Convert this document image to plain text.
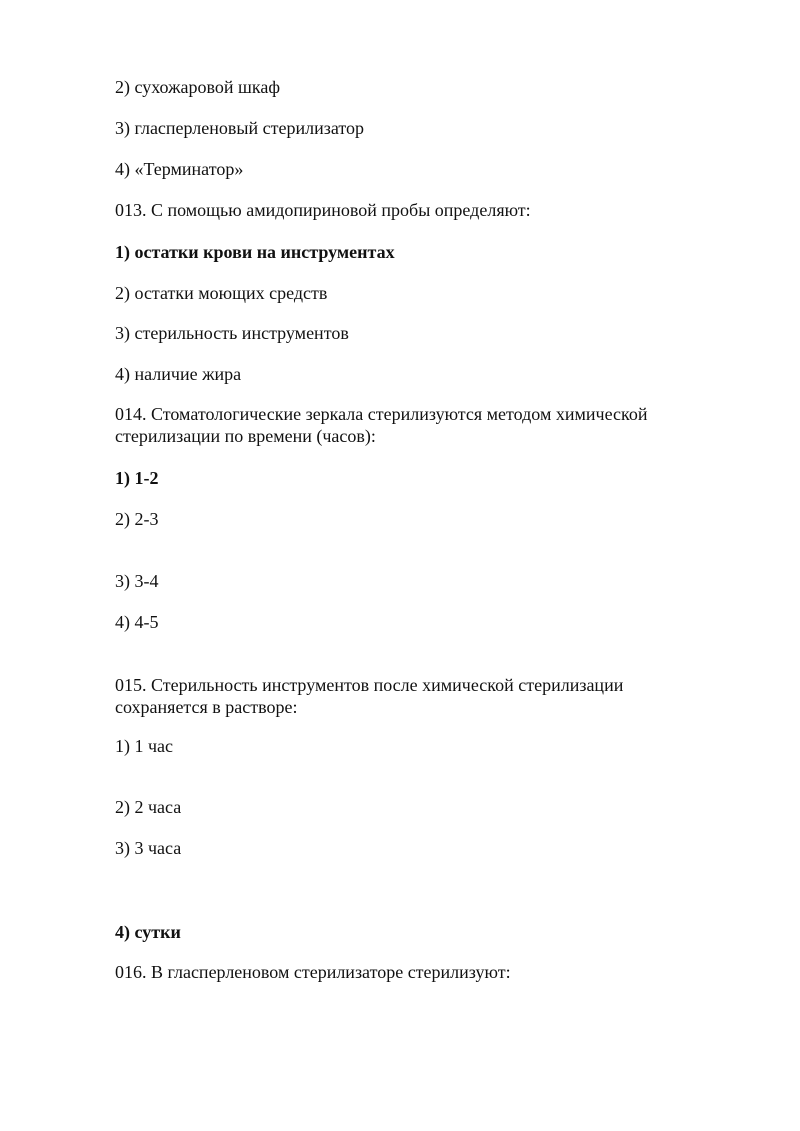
2) сухожаровой шкаф
3) гласперленовый стерилизатор
4) «Терминатор»
013. С помощью амидопириновой пробы определяют:
1) остатки крови на инструментах
2) остатки моющих средств
3) стерильность инструментов
4) наличие жира
014. Стоматологические зеркала стерилизуются методом химической стерилизации по времени (часов):
1) 1-2
2) 2-3
3) 3-4
4) 4-5
015. Стерильность инструментов после химической стерилизации сохраняется в растворе:
1) 1 час
2) 2 часа
3) 3 часа
4) сутки
016. В гласперленовом стерилизаторе стерилизуют:
